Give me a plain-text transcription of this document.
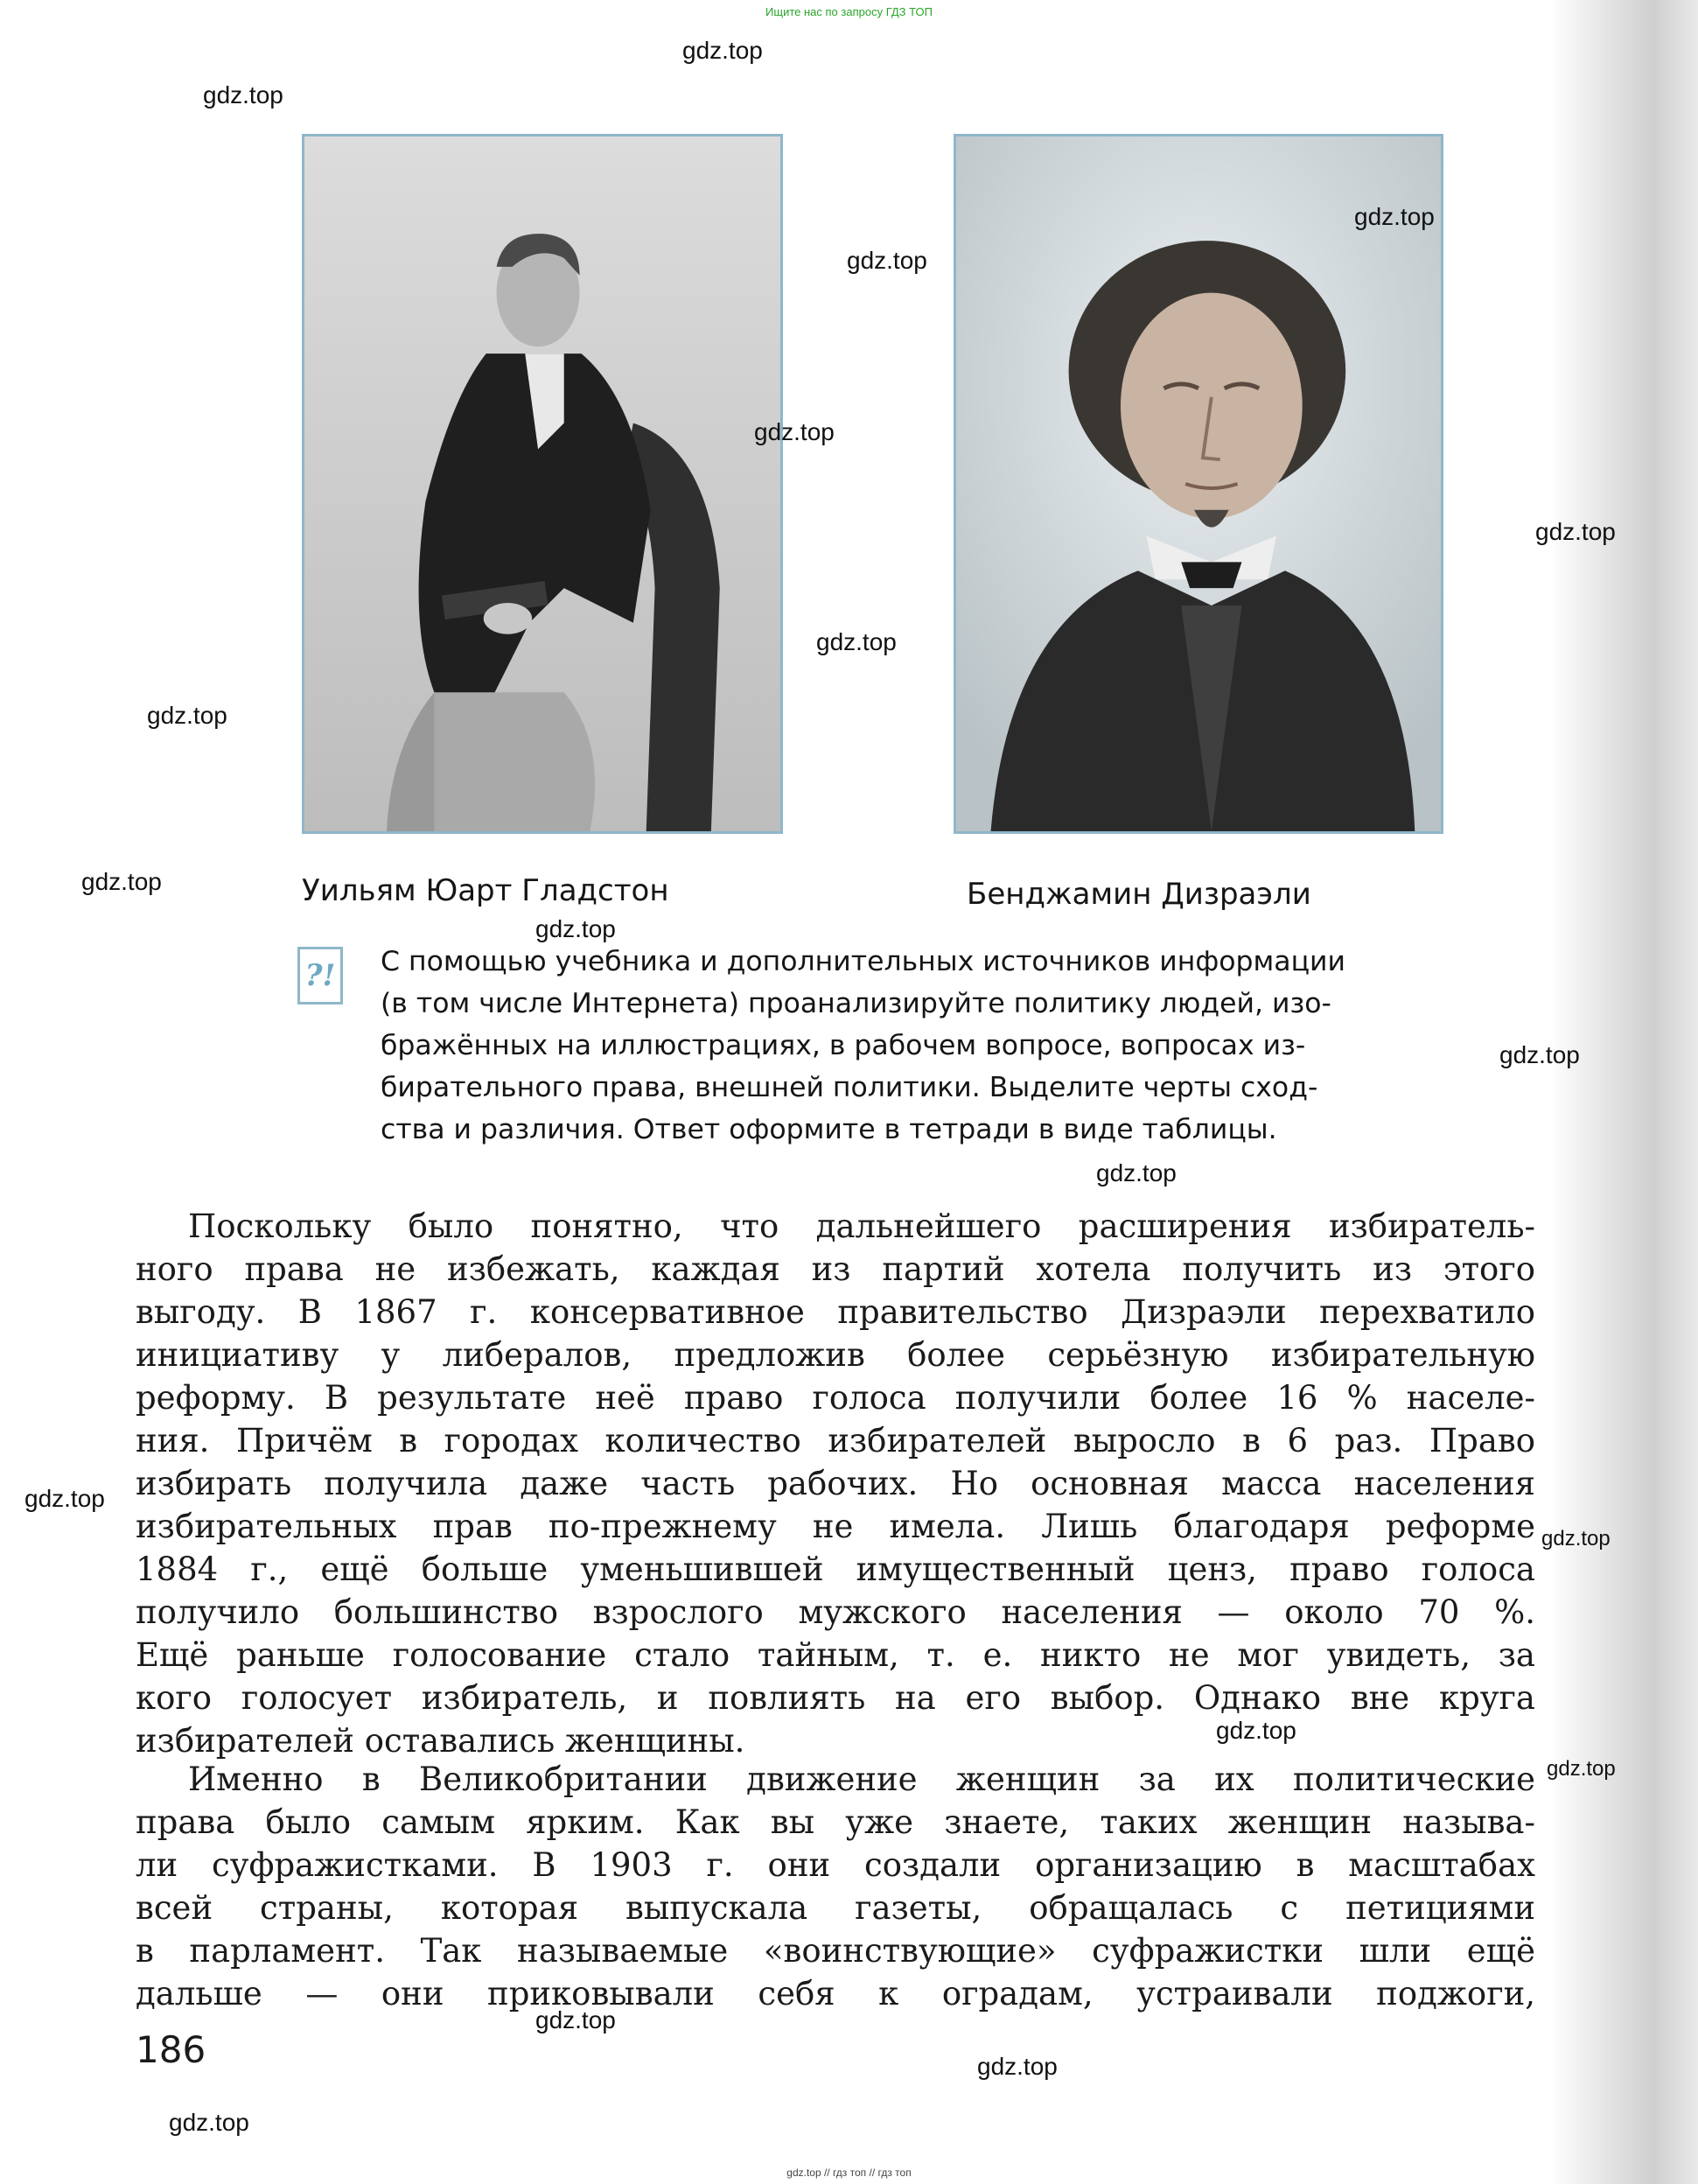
Ищите нас по запросу ГДЗ ТОП
Уильям Юарт Гладстон	Бенджамин Дизраэли
?! С помощью учебника и дополнительных источников информации
(в том числе Интернета) проанализируйте политику людей, изо-
бражённых на иллюстрациях, в рабочем вопросе, вопросах из-
бирательного права, внешней политики. Выделите черты сход-
ства и различия. Ответ оформите в тетради в виде таблицы.
Поскольку было понятно, что дальнейшего расширения избиратель-
ного права не избежать, каждая из партий хотела получить из этого
выгоду. В 1867 г. консервативное правительство Дизраэли перехватило
инициативу у либералов, предложив более серьёзную избирательную
реформу. В результате неё право голоса получили более 16 % населе-
ния. Причём в городах количество избирателей выросло в 6 раз. Право
избирать получила даже часть рабочих. Но основная масса населения
избирательных прав по-прежнему не имела. Лишь благодаря реформе
1884 г., ещё больше уменьшившей имущественный ценз, право голоса
получило большинство взрослого мужского населения — около 70 %.
Ещё раньше голосование стало тайным, т. е. никто не мог увидеть, за
кого голосует избиратель, и повлиять на его выбор. Однако вне круга
избирателей оставались женщины.
Именно в Великобритании движение женщин за их политические
права было самым ярким. Как вы уже знаете, таких женщин называ-
ли суфражистками. В 1903 г. они создали организацию в масштабах
всей страны, которая выпускала газеты, обращалась с петициями
в парламент. Так называемые «воинствующие» суфражистки шли ещё
дальше — они приковывали себя к оградам, устраивали поджоги,
186
gdz.top
gdz.top
gdz.top
gdz.top
gdz.top
gdz.top
gdz.top
gdz.top
gdz.top
gdz.top
gdz.top
gdz.top
gdz.top
gdz.top
gdz.top
gdz.top
gdz.top
gdz.top
gdz.top
gdz.top // гдз топ // гдз топ
